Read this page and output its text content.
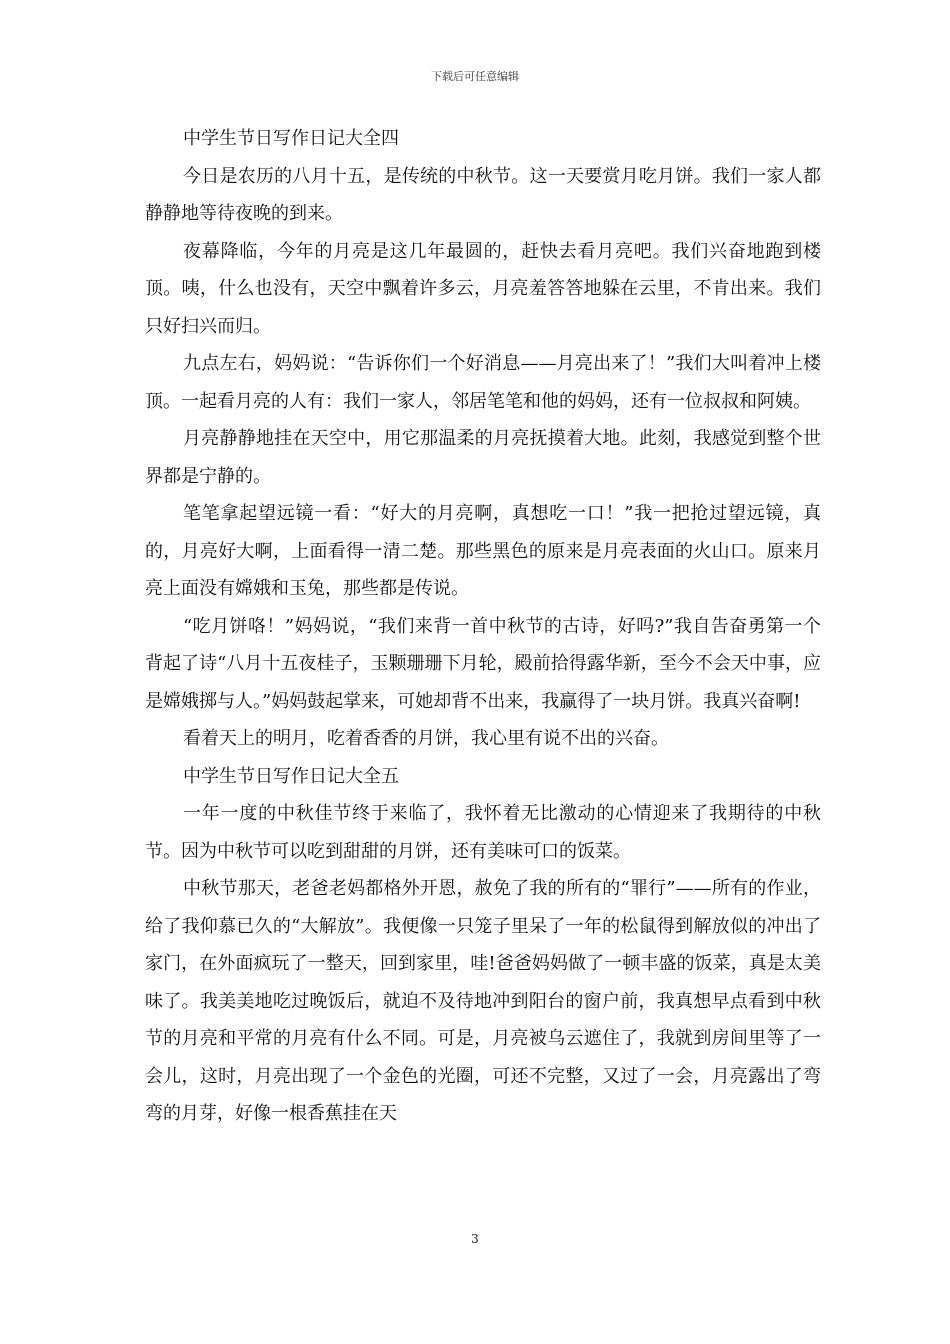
下载后可任意编辑

中学生节日写作日记大全四

今日是农历的八月十五，是传统的中秋节。这一天要赏月吃月饼。我们一家人都静静地等待夜晚的到来。

夜幕降临，今年的月亮是这几年最圆的，赶快去看月亮吧。我们兴奋地跑到楼顶。咦，什么也没有，天空中飘着许多云，月亮羞答答地躲在云里，不肯出来。我们只好扫兴而归。

九点左右，妈妈说：“告诉你们一个好消息——月亮出来了！”我们大叫着冲上楼顶。一起看月亮的人有：我们一家人，邻居笔笔和他的妈妈，还有一位叔叔和阿姨。

月亮静静地挂在天空中，用它那温柔的月亮抚摸着大地。此刻，我感觉到整个世界都是宁静的。

笔笔拿起望远镜一看：“好大的月亮啊，真想吃一口！”我一把抢过望远镜，真的，月亮好大啊，上面看得一清二楚。那些黑色的原来是月亮表面的火山口。原来月亮上面没有嫦娥和玉兔，那些都是传说。

“吃月饼咯！”妈妈说，“我们来背一首中秋节的古诗，好吗?”我自告奋勇第一个背起了诗“八月十五夜桂子，玉颗珊珊下月轮，殿前拾得露华新，至今不会天中事，应是嫦娥掷与人。”妈妈鼓起掌来，可她却背不出来，我赢得了一块月饼。我真兴奋啊!

看着天上的明月，吃着香香的月饼，我心里有说不出的兴奋。

中学生节日写作日记大全五

一年一度的中秋佳节终于来临了，我怀着无比激动的心情迎来了我期待的中秋节。因为中秋节可以吃到甜甜的月饼，还有美味可口的饭菜。

中秋节那天，老爸老妈都格外开恩，赦免了我的所有的“罪行”——所有的作业，给了我仰慕已久的“大解放”。我便像一只笼子里呆了一年的松鼠得到解放似的冲出了家门，在外面疯玩了一整天，回到家里，哇!爸爸妈妈做了一顿丰盛的饭菜，真是太美味了。我美美地吃过晚饭后，就迫不及待地冲到阳台的窗户前，我真想早点看到中秋节的月亮和平常的月亮有什么不同。可是，月亮被乌云遮住了，我就到房间里等了一会儿，这时，月亮出现了一个金色的光圈，可还不完整，又过了一会，月亮露出了弯弯的月芽，好像一根香蕉挂在天

3
